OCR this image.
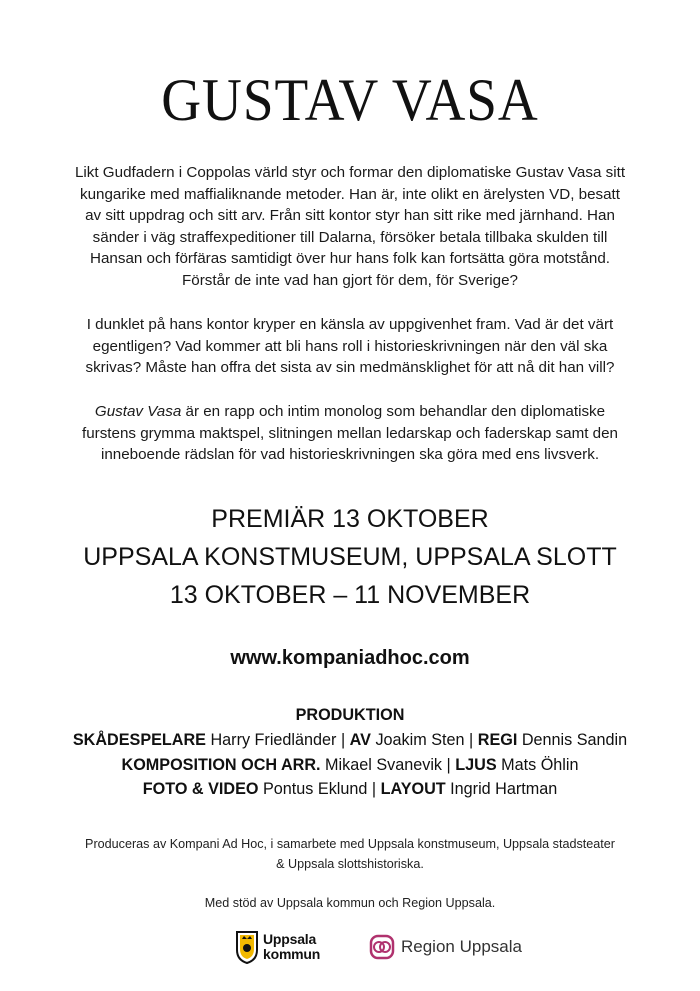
GUSTAV VASA

Likt Gudfadern i Coppolas värld styr och formar den diplomatiske Gustav Vasa sitt
kungarike med maffialiknande metoder. Han är, inte olikt en ärelysten VD, besatt
av sitt uppdrag och sitt arv. Från sitt kontor styr han sitt rike med järnhand. Han
sänder i väg straffexpeditioner till Dalarna, försöker betala tillbaka skulden till
Hansan och förfäras samtidigt över hur hans folk kan fortsätta göra motstånd.
Förstår de inte vad han gjort för dem, för Sverige?

I dunklet på hans kontor kryper en känsla av uppgivenhet fram. Vad är det värt
egentligen? Vad kommer att bli hans roll i historieskrivningen när den väl ska
skrivas? Måste han offra det sista av sin medmänsklighet för att nå dit han vill?

Gustav Vasa är en rapp och intim monolog som behandlar den diplomatiske
furstens grymma maktspel, slitningen mellan ledarskap och faderskap samt den
inneboende rädslan för vad historieskrivningen ska göra med ens livsverk.

PREMIÄR 13 OKTOBER

UPPSALA KONSTMUSEUM, UPPSALA SLOTT

13 OKTOBER – 11 NOVEMBER

www.kompaniadhoc.com

PRODUKTION

SKÅDESPELARE Harry Friedländer | AV Joakim Sten | REGI Dennis Sandin

KOMPOSITION OCH ARR. Mikael Svanevik | LJUS Mats Öhlin

FOTO & VIDEO Pontus Eklund | LAYOUT Ingrid Hartman

Produceras av Kompani Ad Hoc, i samarbete med Uppsala konstmuseum, Uppsala stadsteater
& Uppsala slottshistoriska.

Med stöd av Uppsala kommun och Region Uppsala.

Uppsala
kommun	Region Uppsala
